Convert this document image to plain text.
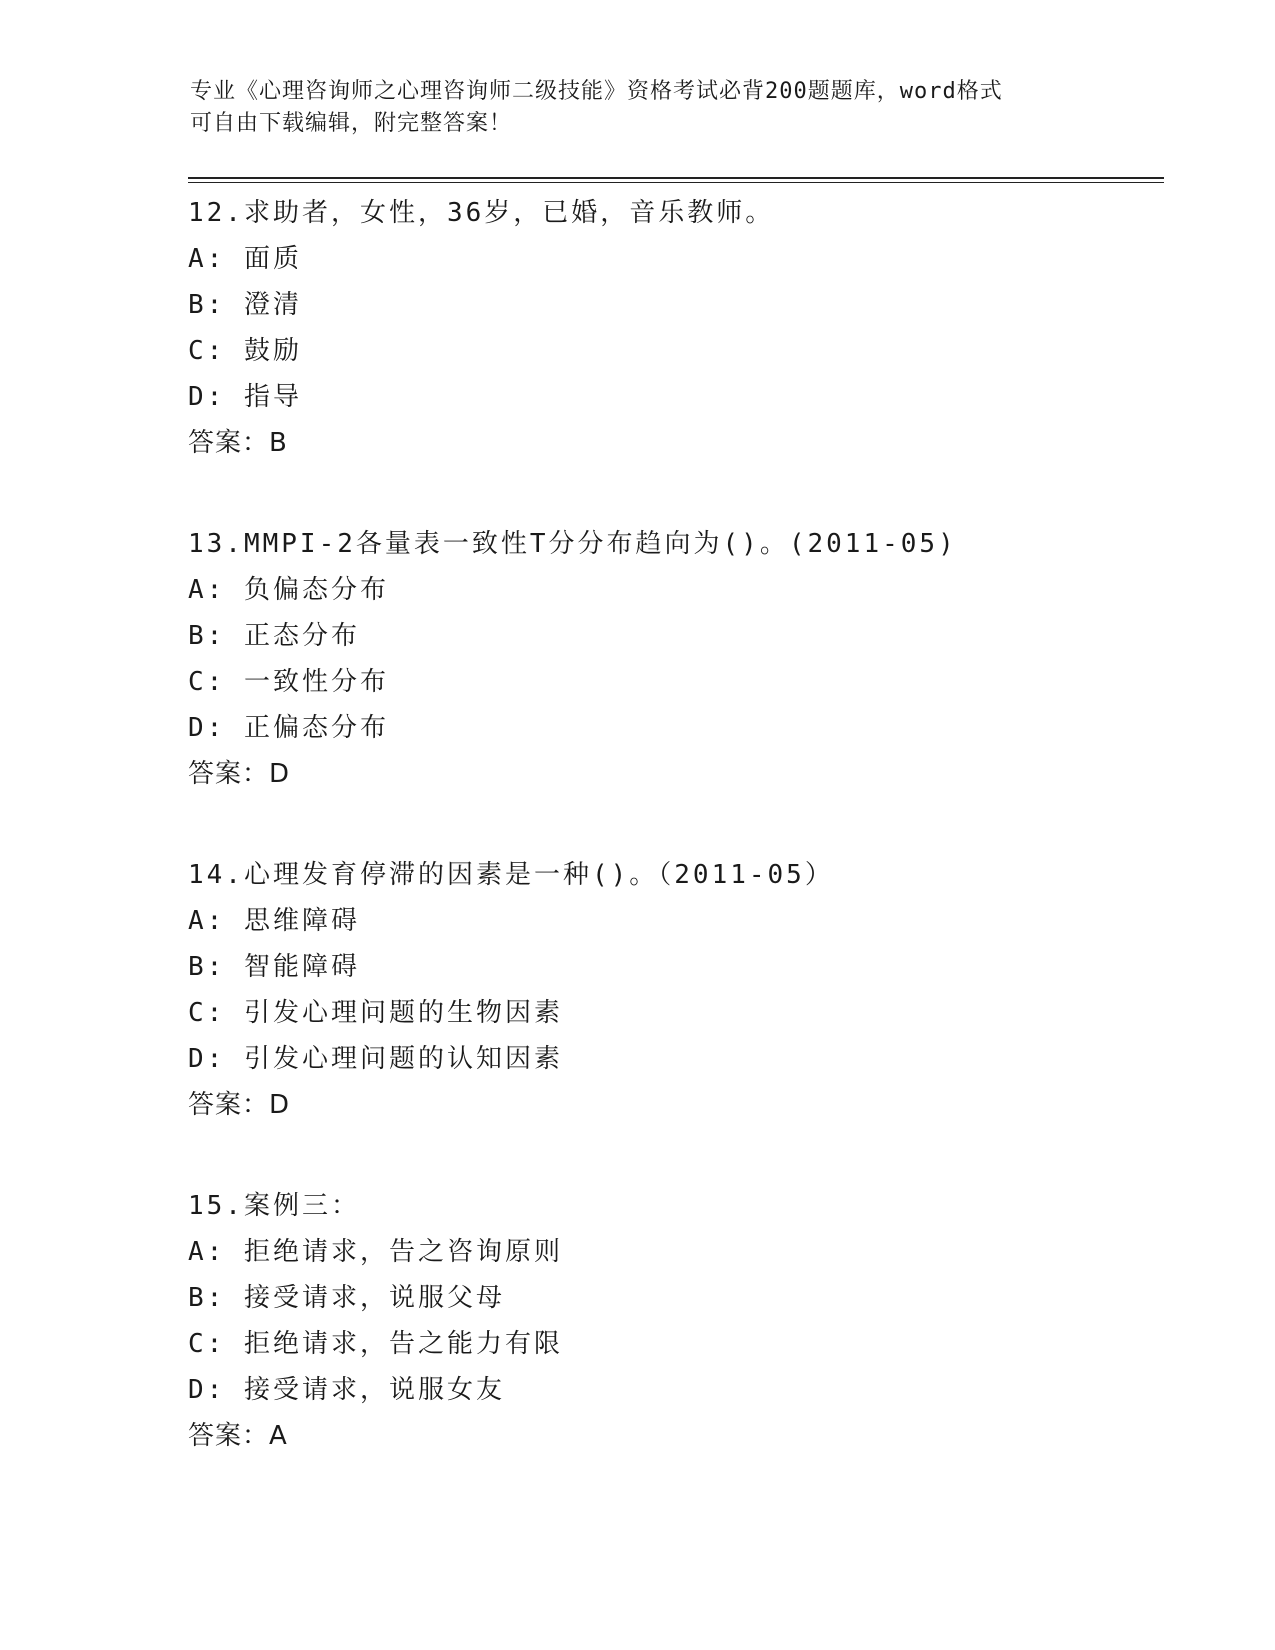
专业《心理咨询师之心理咨询师二级技能》资格考试必背200题题库，word格式
可自由下载编辑，附完整答案！
12.求助者，女性，36岁，已婚，音乐教师。
A: 面质
B: 澄清
C: 鼓励
D: 指导
答案：B
13.MMPI-2各量表一致性T分分布趋向为()。(2011-05)
A: 负偏态分布
B: 正态分布
C: 一致性分布
D: 正偏态分布
答案：D
14.心理发育停滞的因素是一种()。（2011-05）
A: 思维障碍
B: 智能障碍
C: 引发心理问题的生物因素
D: 引发心理问题的认知因素
答案：D
15.案例三：
A: 拒绝请求，告之咨询原则
B: 接受请求，说服父母
C: 拒绝请求，告之能力有限
D: 接受请求，说服女友
答案：A
